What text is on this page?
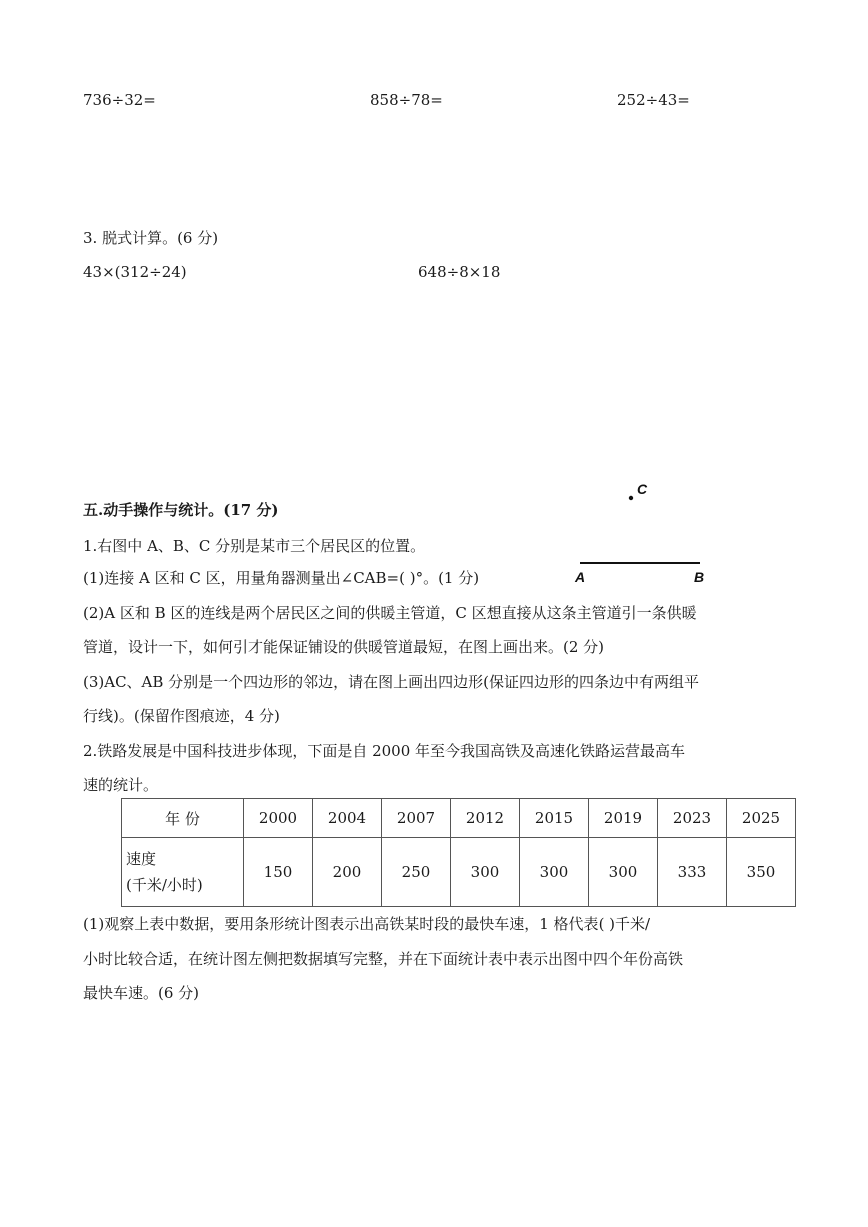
736÷32=	858÷78=	252÷43=
3. 脱式计算。(6 分)
43×(312÷24)	648÷8×18
五.动手操作与统计。(17 分)
1.右图中 A、B、C 分别是某市三个居民区的位置。
(1)连接 A 区和 C 区，用量角器测量出∠CAB=( )°。(1 分)
(2)A 区和 B 区的连线是两个居民区之间的供暖主管道，C 区想直接从这条主管道引一条供暖
管道，设计一下，如何引才能保证铺设的供暖管道最短，在图上画出来。(2 分)
(3)AC、AB 分别是一个四边形的邻边，请在图上画出四边形(保证四边形的四条边中有两组平
行线)。(保留作图痕迹，4 分)
C
A	B
2.铁路发展是中国科技进步体现，下面是自 2000 年至今我国高铁及高速化铁路运营最高车
速的统计。
年 份	2000	2004	2007	2012	2015	2019	2023	2025

速度
(千米/小时)	150	200	250	300	300	300	333	350
(1)观察上表中数据，要用条形统计图表示出高铁某时段的最快车速，1 格代表( )千米/
小时比较合适，在统计图左侧把数据填写完整，并在下面统计表中表示出图中四个年份高铁
最快车速。(6 分)
